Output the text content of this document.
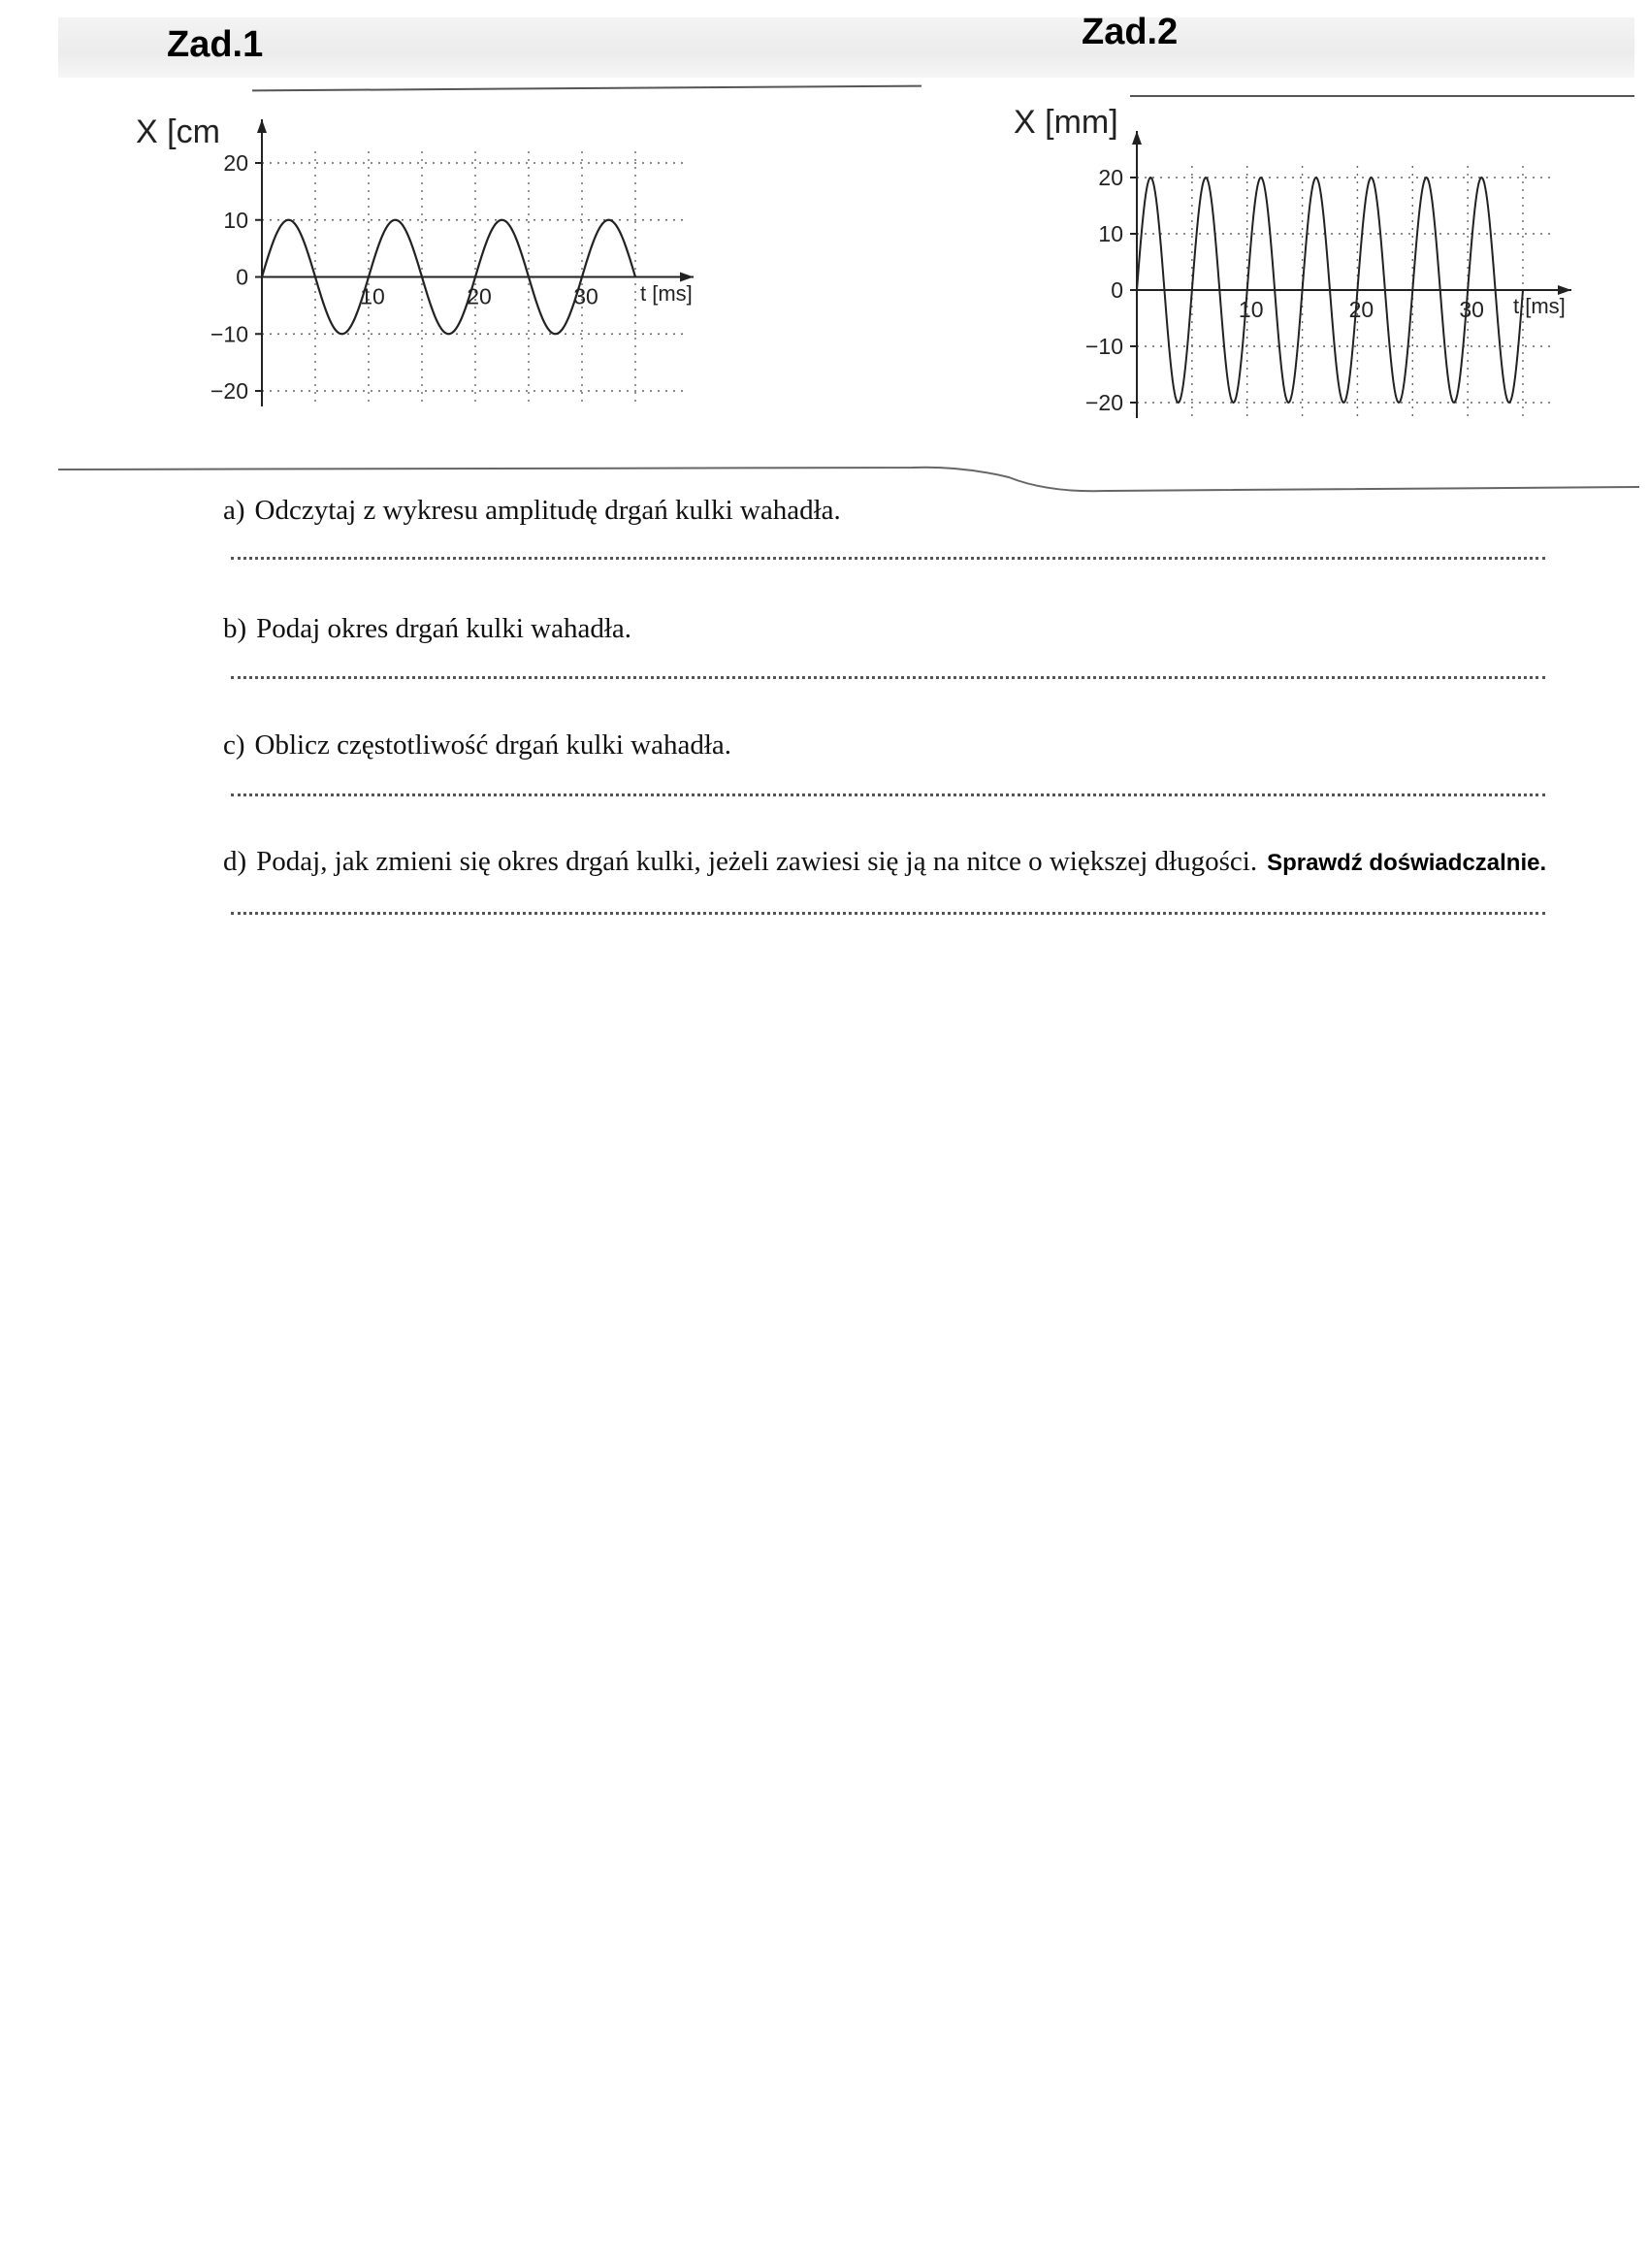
Zad.1	Zad.2
X [cm
t [ms]
20
10
0
−10
−20
10	20	30
X [mm]
t [ms]
20
10
0
−10
−20
10	20	30
a) Odczytaj z wykresu amplitudę drgań kulki wahadła.
b) Podaj okres drgań kulki wahadła.
c) Oblicz częstotliwość drgań kulki wahadła.
d) Podaj, jak zmieni się okres drgań kulki, jeżeli zawiesi się ją na nitce o większej długości. Sprawdź doświadczalnie.
